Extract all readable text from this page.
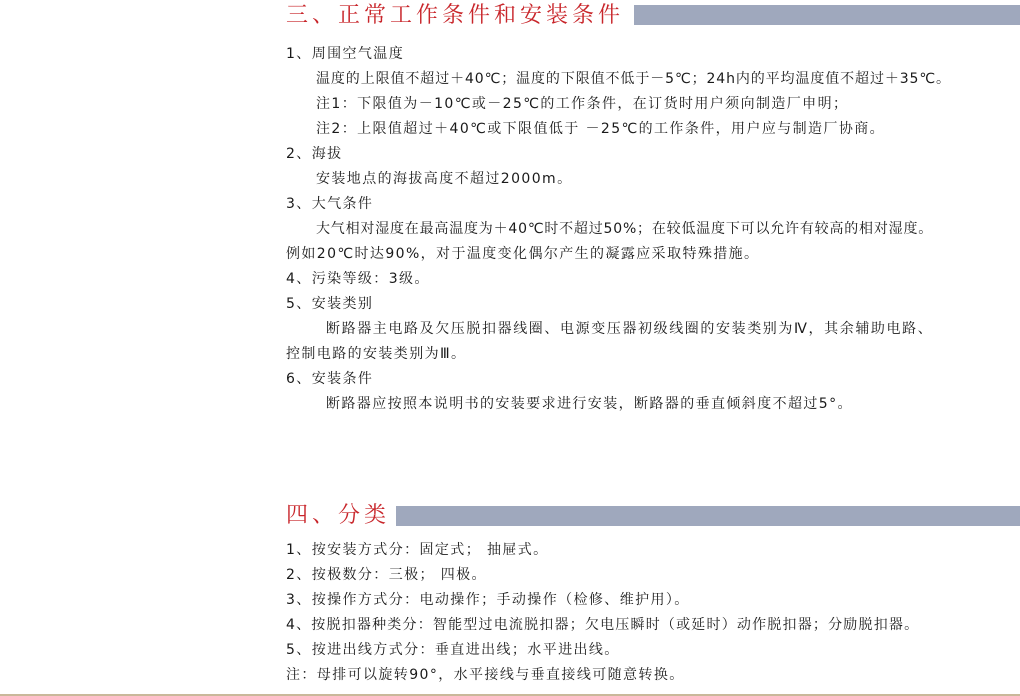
三、正常工作条件和安装条件
1、周围空气温度
温度的上限值不超过＋40℃；温度的下限值不低于－5℃；24h内的平均温度值不超过＋35℃。
注1：下限值为－10℃或－25℃的工作条件，在订货时用户须向制造厂申明；
注2：上限值超过＋40℃或下限值低于 －25℃的工作条件，用户应与制造厂协商。
2、海拔
安装地点的海拔高度不超过2000m。
3、大气条件
大气相对湿度在最高温度为＋40℃时不超过50%；在较低温度下可以允许有较高的相对湿度。
例如20℃时达90%，对于温度变化偶尔产生的凝露应采取特殊措施。
4、污染等级：3级。
5、安装类别
断路器主电路及欠压脱扣器线圈、电源变压器初级线圈的安装类别为Ⅳ，其余辅助电路、
控制电路的安装类别为Ⅲ。
6、安装条件
断路器应按照本说明书的安装要求进行安装，断路器的垂直倾斜度不超过5°。
四、分类
1、按安装方式分：固定式； 抽屉式。
2、按极数分：三极； 四极。
3、按操作方式分：电动操作；手动操作（检修、维护用）。
4、按脱扣器种类分：智能型过电流脱扣器；欠电压瞬时（或延时）动作脱扣器；分励脱扣器。
5、按进出线方式分：垂直进出线；水平进出线。
注：母排可以旋转90°，水平接线与垂直接线可随意转换。
